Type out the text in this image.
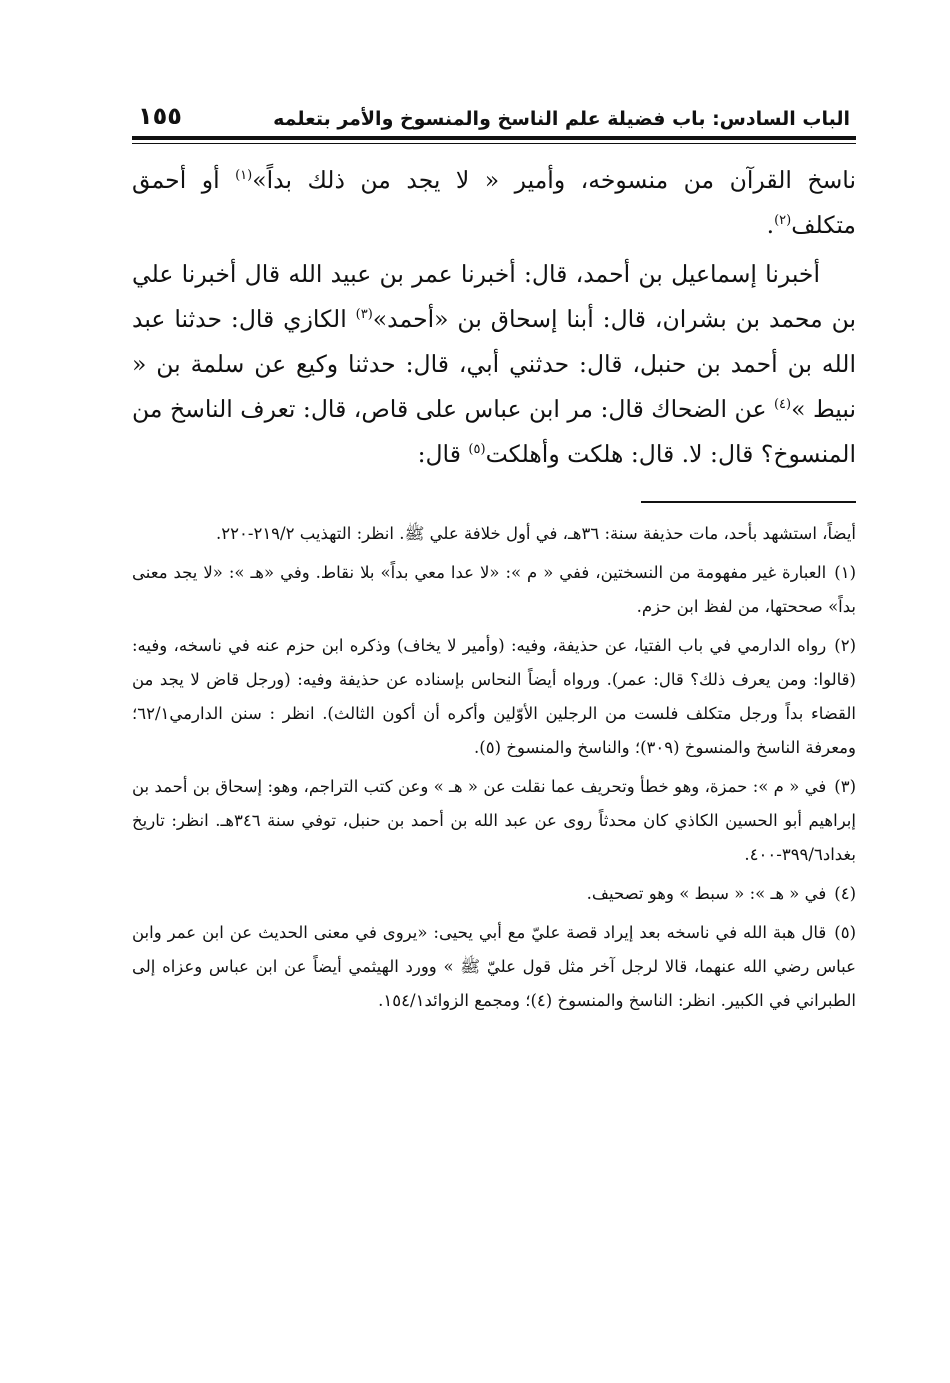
الباب السادس: باب فضيلة علم الناسخ والمنسوخ والأمر بتعلمه
١٥٥

ناسخ القرآن من منسوخه، وأمير « لا يجد من ذلك بداً»$^{(١)}$ أو أحمق متكلف$^{(٢)}$.

أخبرنا إسماعيل بن أحمد، قال: أخبرنا عمر بن عبيد الله قال أخبرنا علي بن محمد بن بشران، قال: أبنا إسحاق بن «أحمد»$^{(٣)}$ الكازي قال: حدثنا عبد الله بن أحمد بن حنبل، قال: حدثني أبي، قال: حدثنا وكيع عن سلمة بن « نبيط »$^{(٤)}$ عن الضحاك قال: مر ابن عباس على قاص، قال: تعرف الناسخ من المنسوخ؟ قال: لا. قال: هلكت وأهلكت$^{(٥)}$ قال:

أيضاً، استشهد بأحد، مات حذيفة سنة: ٣٦هـ، في أول خلافة علي ﷺ. انظر: التهذيب ٢١٩/٢-٢٢٠.

(١)العبارة غير مفهومة من النسختين، ففي « م »: «لا عدا معي بداً» بلا نقاط. وفي «هـ »: «لا يجد معنى بداً» صححتها، من لفظ ابن حزم.

(٢)رواه الدارمي في باب الفتيا، عن حذيفة، وفيه: (وأمير لا يخاف) وذكره ابن حزم عنه في ناسخه، وفيه: (قالوا: ومن يعرف ذلك؟ قال: عمر). ورواه أيضاً النحاس بإسناده عن حذيفة وفيه: (ورجل قاض لا يجد من القضاء بداً ورجل متكلف فلست من الرجلين الأوّلين وأكره أن أكون الثالث). انظر : سنن الدارمي٦٢/١؛ ومعرفة الناسخ والمنسوخ (٣٠٩)؛ والناسخ والمنسوخ (٥).

(٣)في « م »: حمزة، وهو خطأ وتحريف عما نقلت عن « هـ » وعن كتب التراجم، وهو: إسحاق بن أحمد بن إبراهيم أبو الحسين الكاذي كان محدثاً روى عن عبد الله بن أحمد بن حنبل، توفي سنة ٣٤٦هـ. انظر: تاريخ بغداد٣٩٩/٦-٤٠٠.

(٤)في « هـ »: « سبط » وهو تصحيف.

(٥)قال هبة الله في ناسخه بعد إيراد قصة عليّ مع أبي يحيى: «يروى في معنى الحديث عن ابن عمر وابن عباس رضي الله عنهما، قالا لرجل آخر مثل قول عليّ ﷺ » وورد الهيثمي أيضاً عن ابن عباس وعزاه إلى الطبراني في الكبير. انظر: الناسخ والمنسوخ (٤)؛ ومجمع الزوائد١٥٤/١.
